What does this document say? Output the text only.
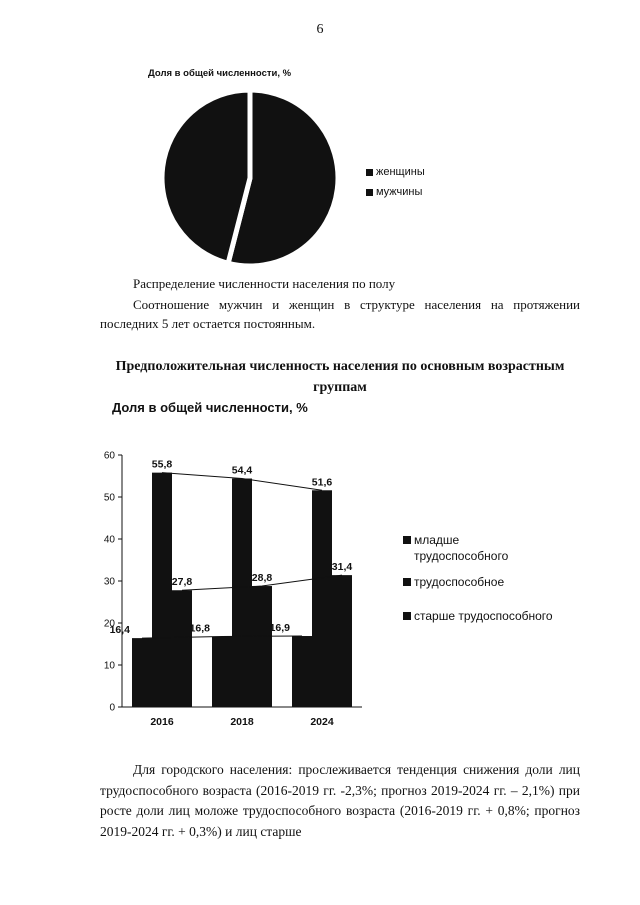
6
Доля в общей численности, %
женщины
мужчины
Распределение численности населения по полу
Соотношение мужчин и женщин в структуре населения на протяжении последних 5 лет остается постоянным.
Предположительная численность населения по основным возрастным группам
Доля в общей численности, %
0
10
20
30
40
50
60
16,4
55,8
27,8
2016
16,8
54,4
28,8
2018
16,9
51,6
31,4
2024
младше трудоспособного
трудоспособное
старше трудоспособного
Для городского населения: прослеживается тенденция снижения доли лиц трудоспособного возраста (2016-2019 гг. -2,3%; прогноз 2019-2024 гг. – 2,1%) при росте доли лиц моложе трудоспособного возраста (2016-2019 гг. + 0,8%; прогноз 2019-2024 гг. + 0,3%) и лиц старше
